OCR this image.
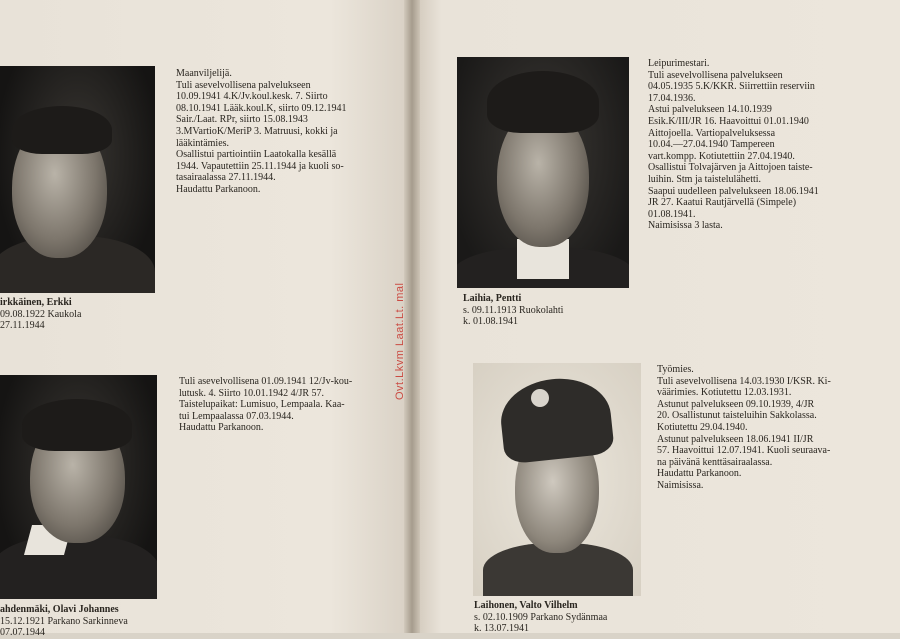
irkkäinen, Erkki
09.08.1922 Kaukola
27.11.1944
Maanviljelijä.
Tuli asevelvollisena palvelukseen
10.09.1941 4.K/Jv.koul.kesk. 7. Siirto
08.10.1941 Lääk.koul.K, siirto 09.12.1941
Sair./Laat. RPr, siirto 15.08.1943
3.MVartioK/MeriP 3. Matruusi, kokki ja
lääkintämies.
Osallistui partiointiin Laatokalla kesällä
1944. Vapautettiin 25.11.1944 ja kuoli so-
tasairaalassa 27.11.1944.
Haudattu Parkanoon.
ahdenmäki, Olavi Johannes
15.12.1921 Parkano Sarkinneva
07.07.1944
Tuli asevelvollisena 01.09.1941 12/Jv-kou-
lutusk. 4. Siirto 10.01.1942 4/JR 57.
Taistelupaikat: Lumisuo, Lempaala. Kaa-
tui Lempaalassa 07.03.1944.
Haudattu Parkanoon.
Laihia, Pentti
s. 09.11.1913 Ruokolahti
k. 01.08.1941
Leipurimestari.
Tuli asevelvollisena palvelukseen
04.05.1935 5.K/KKR. Siirrettiin reserviin
17.04.1936.
Astui palvelukseen 14.10.1939
Esik.K/III/JR 16. Haavoittui 01.01.1940
Aittojoella. Vartiopalveluksessa
10.04.—27.04.1940 Tampereen
vart.kompp. Kotiutettiin 27.04.1940.
Osallistui Tolvajärven ja Aittojoen taiste-
luihin. Stm ja taistelulähetti.
Saapui uudelleen palvelukseen 18.06.1941
JR 27. Kaatui Rautjärvellä (Simpele)
01.08.1941.
Naimisissa 3 lasta.
Laihonen, Valto Vilhelm
s. 02.10.1909 Parkano Sydänmaa
k. 13.07.1941
Työmies.
Tuli asevelvollisena 14.03.1930 I/KSR. Ki-
väärimies. Kotiutettu 12.03.1931.
Astunut palvelukseen 09.10.1939, 4/JR
20. Osallistunut taisteluihin Sakkolassa.
Kotiutettu 29.04.1940.
Astunut palvelukseen 18.06.1941 II/JR
57. Haavoittui 12.07.1941. Kuoli seuraava-
na päivänä kenttäsairaalassa.
Haudattu Parkanoon.
Naimisissa.
Ovt.Lkvm Laat.Lt. mal
